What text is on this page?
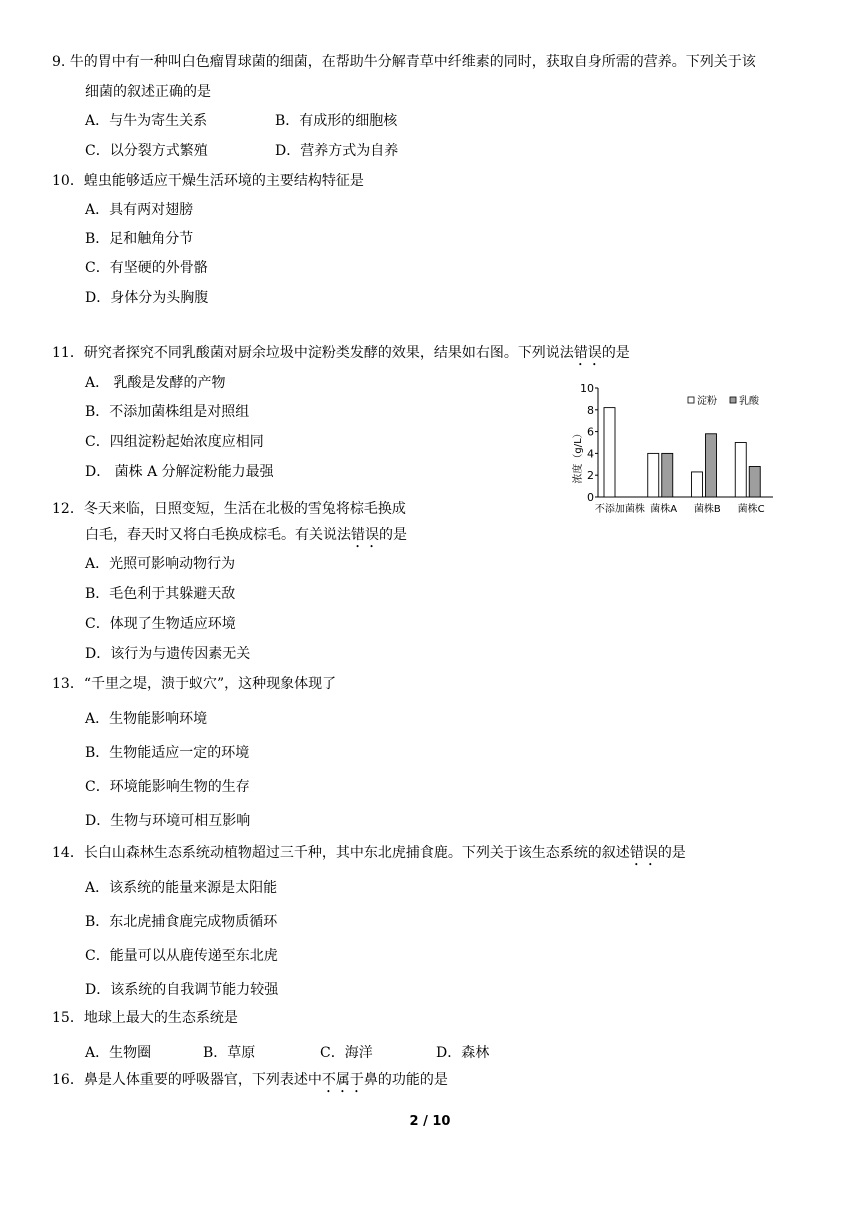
9. 牛的胃中有一种叫白色瘤胃球菌的细菌，在帮助牛分解青草中纤维素的同时，获取自身所需的营养。下列关于该
细菌的叙述正确的是
A．与牛为寄生关系	B．有成形的细胞核
C．以分裂方式繁殖	D．营养方式为自养
10．蝗虫能够适应干燥生活环境的主要结构特征是
A．具有两对翅膀
B．足和触角分节
C．有坚硬的外骨骼
D．身体分为头胸腹
11．研究者探究不同乳酸菌对厨余垃圾中淀粉类发酵的效果，结果如右图。下列说法错误的是
A． 乳酸是发酵的产物
B．不添加菌株组是对照组
C．四组淀粉起始浓度应相同
D． 菌株 A 分解淀粉能力最强
0
2
4
6
8
10
不添加菌株 菌株A 菌株B 菌株C
浓度（g/L）
淀粉 乳酸
12．冬天来临，日照变短，生活在北极的雪兔将棕毛换成
白毛，春天时又将白毛换成棕毛。有关说法错误的是
A．光照可影响动物行为
B．毛色利于其躲避天敌
C．体现了生物适应环境
D．该行为与遗传因素无关
13．“千里之堤，溃于蚁穴”，这种现象体现了
A．生物能影响环境
B．生物能适应一定的环境
C．环境能影响生物的生存
D．生物与环境可相互影响
14．长白山森林生态系统动植物超过三千种，其中东北虎捕食鹿。下列关于该生态系统的叙述错误的是
A．该系统的能量来源是太阳能
B．东北虎捕食鹿完成物质循环
C．能量可以从鹿传递至东北虎
D．该系统的自我调节能力较强
15．地球上最大的生态系统是
A．生物圈	B．草原	C．海洋	D．森林
16．鼻是人体重要的呼吸器官，下列表述中不属于鼻的功能的是
2 / 10
